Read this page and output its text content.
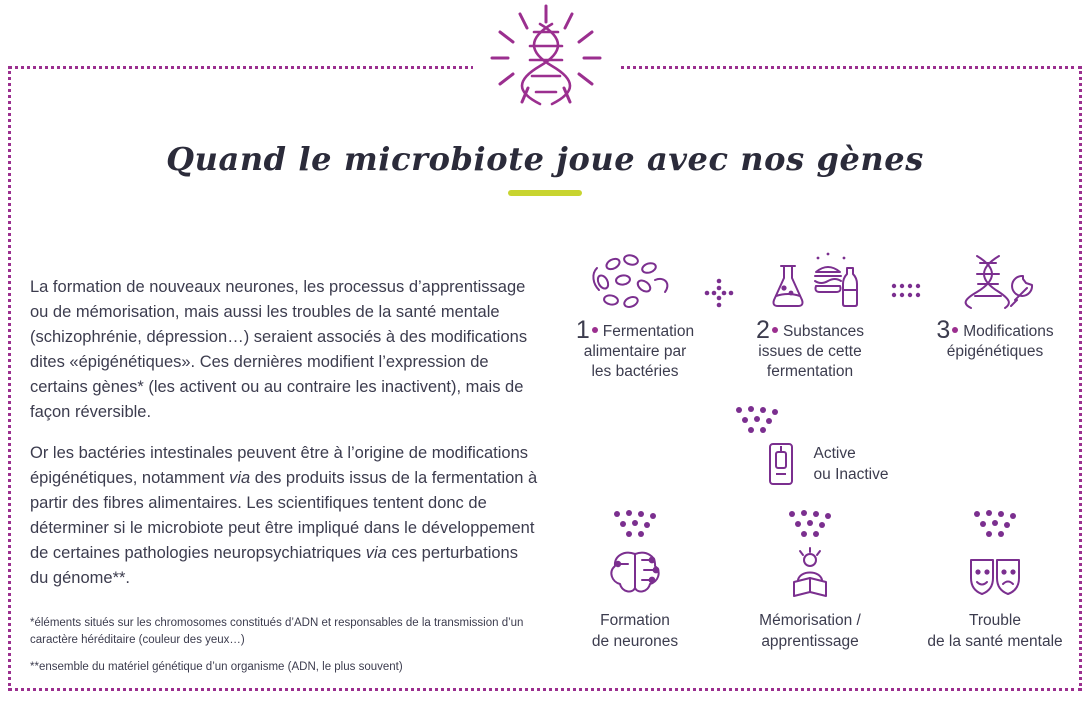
Quand le microbiote joue avec nos gènes

La formation de nouveaux neurones, les processus d’apprentissage ou de mémorisation, mais aussi les troubles de la santé mentale (schizophrénie, dépression…) seraient associés à des modifications dites «épigénétiques». Ces dernières modifient l’expression de certains gènes* (les activent ou au contraire les inactivent), mais de façon réversible.

Or les bactéries intestinales peuvent être à l’origine de modifications épigénétiques, notamment via des produits issus de la fermentation à partir des fibres alimentaires. Les scientifiques tentent donc de déterminer si le microbiote peut être impliqué dans le développement de certaines pathologies neuropsychiatriques via ces perturbations du génome**.

*éléments situés sur les chromosomes constitués d’ADN et responsables de la transmission d’un caractère héréditaire (couleur des yeux…)

**ensemble du matériel génétique d’un organisme (ADN, le plus souvent)

1 Fermentation
alimentaire par
les bactéries
2 Substances
issues de cette
fermentation
3 Modifications
épigénétiques
Active
ou Inactive
Formation
de neurones
Mémorisation /
apprentissage
Trouble
de la santé mentale
